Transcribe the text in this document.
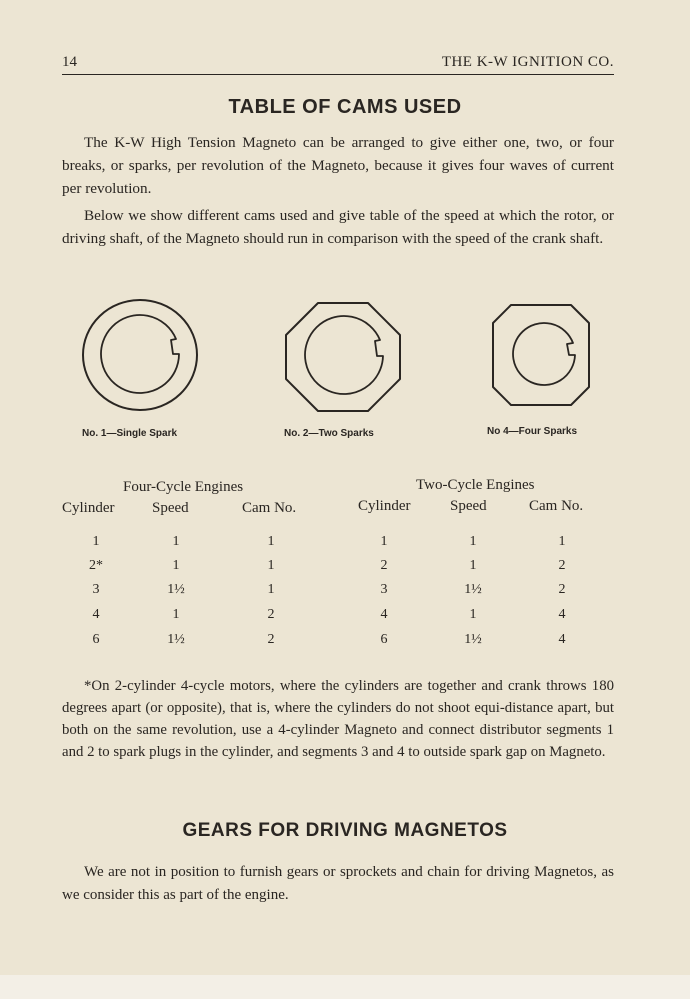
14	THE K-W IGNITION CO.
TABLE OF CAMS USED

The K-W High Tension Magneto can be arranged to give either one, two, or four breaks, or sparks, per revolution of the Magneto, because it gives four waves of current per revolution.

Below we show different cams used and give table of the speed at which the rotor, or driving shaft, of the Magneto should run in comparison with the speed of the crank shaft.

No. 1—Single Spark	No. 2—Two Sparks	No 4—Four Sparks
Four-Cycle Engines
Cylinder	Speed	Cam No.
1	1	1
2*	1	1
3	1½	1
4	1	2
6	1½	2
Two-Cycle Engines
Cylinder	Speed	Cam No.
1	1	1
2	1	2
3	1½	2
4	1	4
6	1½	4

*On 2-cylinder 4-cycle motors, where the cylinders are together and crank throws 180 degrees apart (or opposite), that is, where the cylinders do not shoot equi-distance apart, but both on the same revolution, use a 4-cylinder Magneto and connect distributor segments 1 and 2 to spark plugs in the cylinder, and segments 3 and 4 to outside spark gap on Magneto.

GEARS FOR DRIVING MAGNETOS

We are not in position to furnish gears or sprockets and chain for driving Magnetos, as we consider this as part of the engine.
